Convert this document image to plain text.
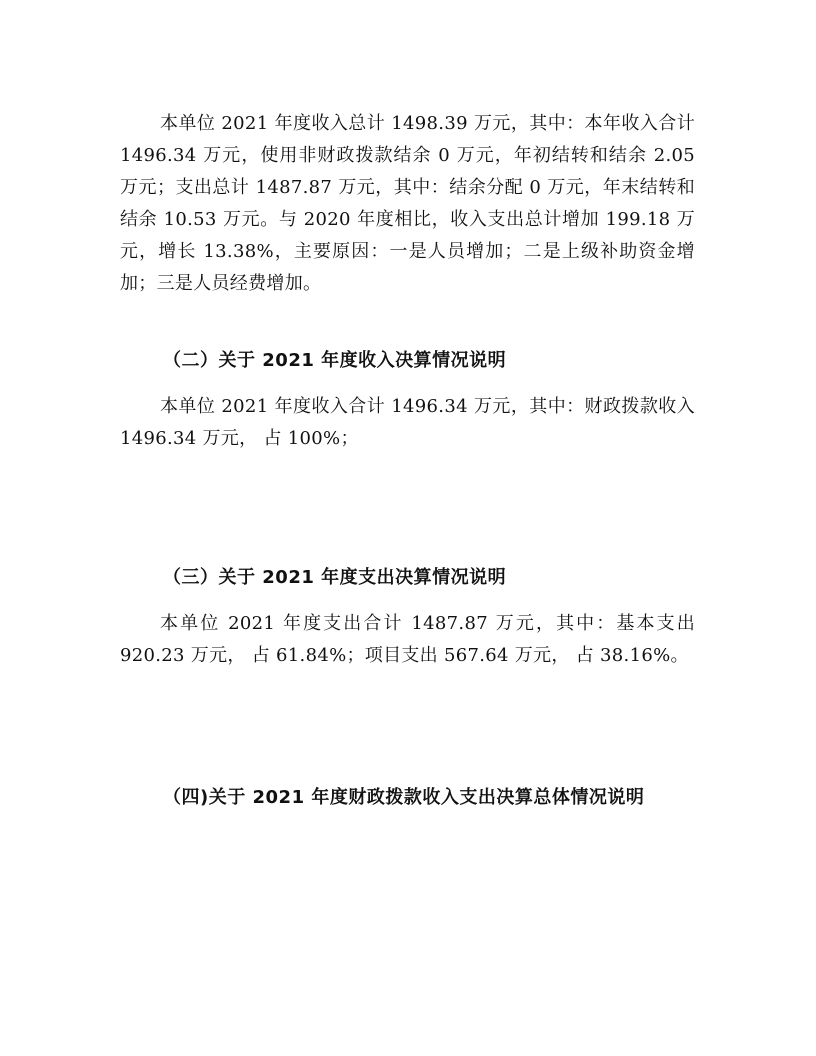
本单位 2021 年度收入总计 1498.39 万元，其中：本年收入合计 1496.34 万元，使用非财政拨款结余 0 万元，年初结转和结余 2.05 万元；支出总计 1487.87 万元，其中：结余分配 0 万元，年末结转和结余 10.53 万元。与 2020 年度相比，收入支出总计增加 199.18 万元，增长 13.38%，主要原因：一是人员增加；二是上级补助资金增加；三是人员经费增加。

（二）关于 2021 年度收入决算情况说明

本单位 2021 年度收入合计 1496.34 万元，其中：财政拨款收入 1496.34 万元， 占 100%；

（三）关于 2021 年度支出决算情况说明

本单位 2021 年度支出合计 1487.87 万元，其中：基本支出 920.23 万元， 占 61.84%；项目支出 567.64 万元， 占 38.16%。

（四)关于 2021 年度财政拨款收入支出决算总体情况说明
